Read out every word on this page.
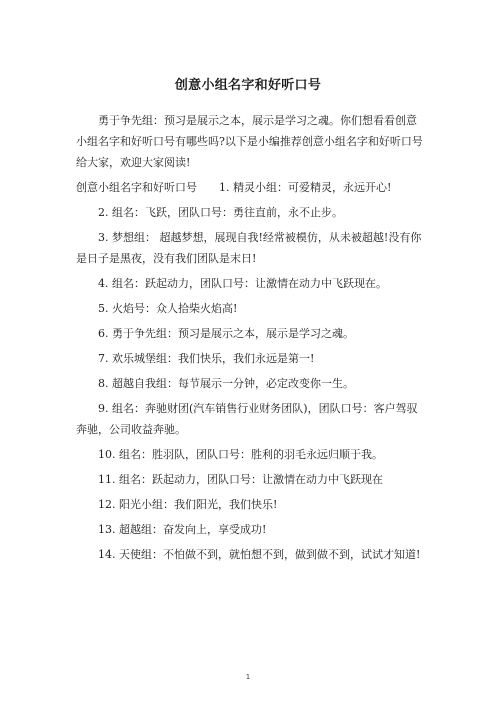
创意小组名字和好听口号

勇于争先组：预习是展示之本，展示是学习之魂。你们想看看创意小组名字和好听口号有哪些吗?以下是小编推荐创意小组名字和好听口号给大家，欢迎大家阅读!

创意小组名字和好听口号 1. 精灵小组：可爱精灵，永远开心!

2. 组名：飞跃，团队口号：勇往直前，永不止步。

3. 梦想组： 超越梦想，展现自我!经常被模仿，从未被超越!没有你是日子是黑夜，没有我们团队是末日!

4. 组名：跃起动力，团队口号：让激情在动力中飞跃现在。

5. 火焰号：众人拾柴火焰高!

6. 勇于争先组：预习是展示之本，展示是学习之魂。

7. 欢乐城堡组：我们快乐，我们永远是第一!

8. 超越自我组：每节展示一分钟，必定改变你一生。

9. 组名：奔驰财团(汽车销售行业财务团队)，团队口号：客户驾驭奔驰，公司收益奔驰。

10. 组名：胜羽队，团队口号：胜利的羽毛永远归顺于我。

11. 组名：跃起动力，团队口号：让激情在动力中飞跃现在

12. 阳光小组：我们阳光，我们快乐!

13. 超越组：奋发向上，享受成功!

14. 天使组：不怕做不到，就怕想不到，做到做不到，试试才知道!

1
